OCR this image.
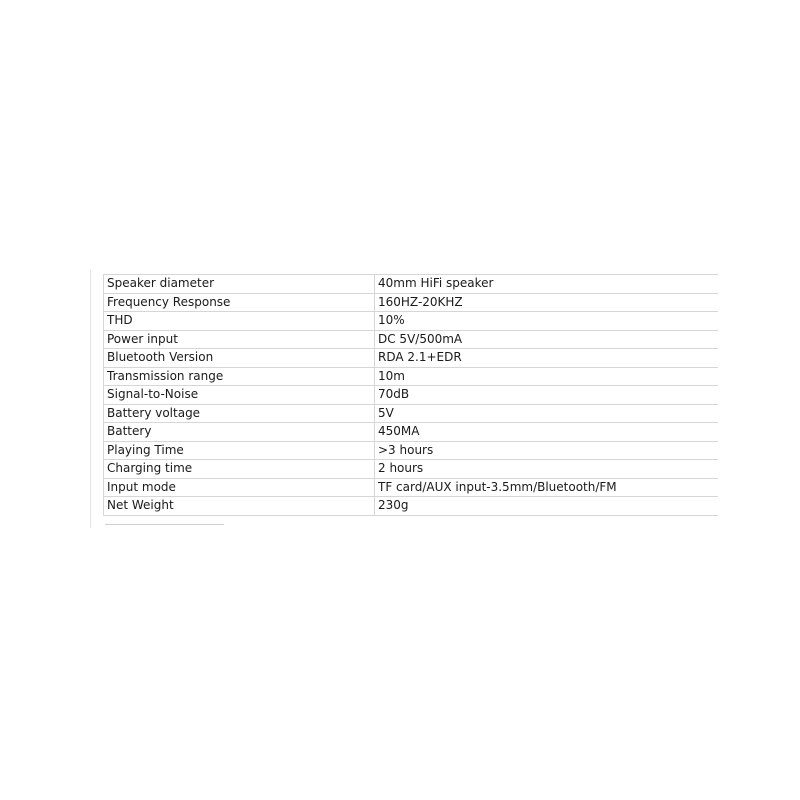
Speaker diameter	40mm HiFi speaker
Frequency Response	160HZ-20KHZ
THD	10%
Power input	DC 5V/500mA
Bluetooth Version	RDA 2.1+EDR
Transmission range	10m
Signal-to-Noise	70dB
Battery voltage	5V
Battery	450MA
Playing Time	>3 hours
Charging time	2 hours
Input mode	TF card/AUX input-3.5mm/Bluetooth/FM
Net Weight	230g
